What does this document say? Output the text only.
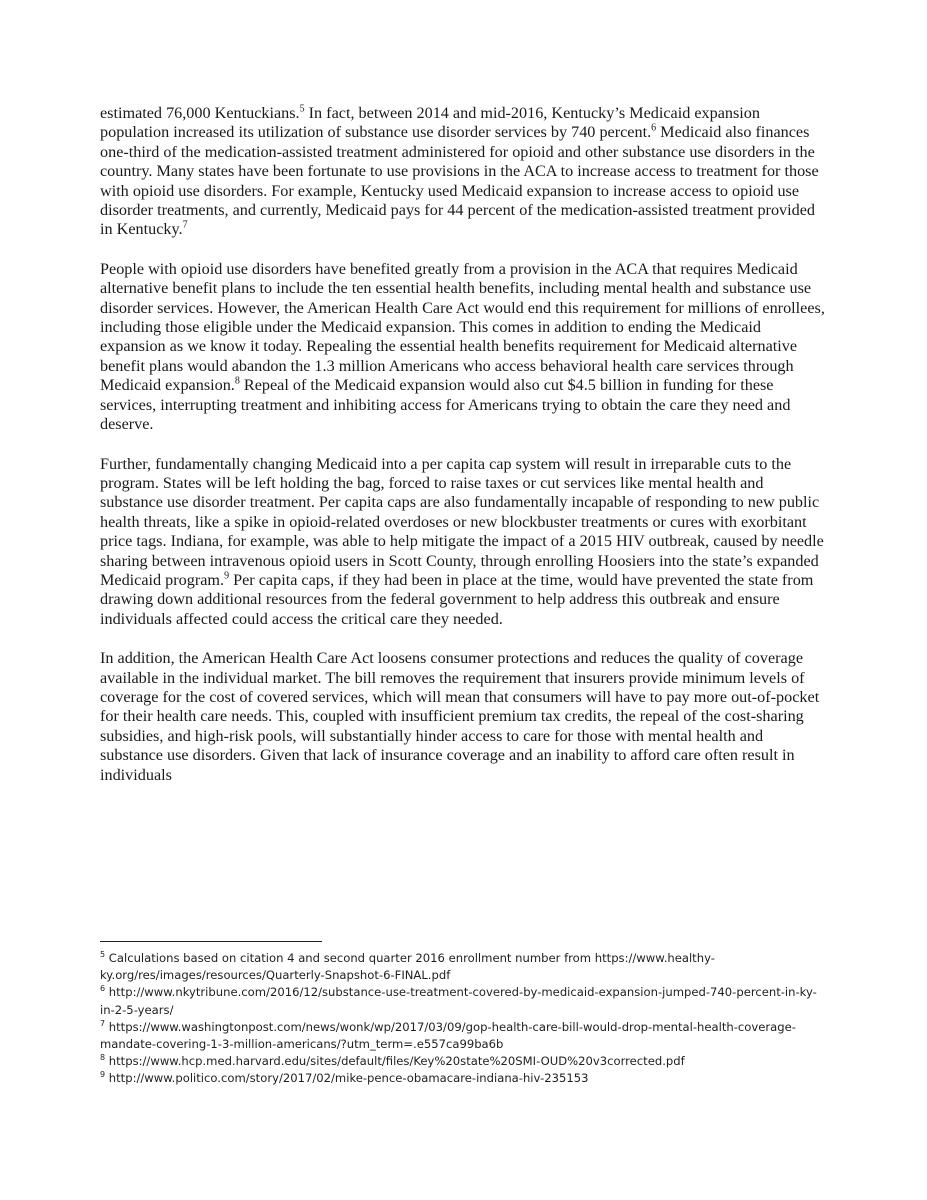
estimated 76,000 Kentuckians.$^5$ In fact, between 2014 and mid-2016, Kentucky’s Medicaid expansion population increased its utilization of substance use disorder services by 740 percent.$^6$ Medicaid also finances one-third of the medication-assisted treatment administered for opioid and other substance use disorders in the country. Many states have been fortunate to use provisions in the ACA to increase access to treatment for those with opioid use disorders. For example, Kentucky used Medicaid expansion to increase access to opioid use disorder treatments, and currently, Medicaid pays for 44 percent of the medication-assisted treatment provided in Kentucky.$^7$

People with opioid use disorders have benefited greatly from a provision in the ACA that requires Medicaid alternative benefit plans to include the ten essential health benefits, including mental health and substance use disorder services. However, the American Health Care Act would end this requirement for millions of enrollees, including those eligible under the Medicaid expansion. This comes in addition to ending the Medicaid expansion as we know it today. Repealing the essential health benefits requirement for Medicaid alternative benefit plans would abandon the 1.3 million Americans who access behavioral health care services through Medicaid expansion.$^8$ Repeal of the Medicaid expansion would also cut $4.5 billion in funding for these services, interrupting treatment and inhibiting access for Americans trying to obtain the care they need and deserve.

Further, fundamentally changing Medicaid into a per capita cap system will result in irreparable cuts to the program. States will be left holding the bag, forced to raise taxes or cut services like mental health and substance use disorder treatment. Per capita caps are also fundamentally incapable of responding to new public health threats, like a spike in opioid-related overdoses or new blockbuster treatments or cures with exorbitant price tags. Indiana, for example, was able to help mitigate the impact of a 2015 HIV outbreak, caused by needle sharing between intravenous opioid users in Scott County, through enrolling Hoosiers into the state’s expanded Medicaid program.$^9$ Per capita caps, if they had been in place at the time, would have prevented the state from drawing down additional resources from the federal government to help address this outbreak and ensure individuals affected could access the critical care they needed.

In addition, the American Health Care Act loosens consumer protections and reduces the quality of coverage available in the individual market. The bill removes the requirement that insurers provide minimum levels of coverage for the cost of covered services, which will mean that consumers will have to pay more out-of-pocket for their health care needs. This, coupled with insufficient premium tax credits, the repeal of the cost-sharing subsidies, and high-risk pools, will substantially hinder access to care for those with mental health and substance use disorders. Given that lack of insurance coverage and an inability to afford care often result in individuals

$^5$ Calculations based on citation 4 and second quarter 2016 enrollment number from https://www.healthy-ky.org/res/images/resources/Quarterly-Snapshot-6-FINAL.pdf

$^6$ http://www.nkytribune.com/2016/12/substance-use-treatment-covered-by-medicaid-expansion-jumped-740-percent-in-ky-in-2-5-years/

$^7$ https://www.washingtonpost.com/news/wonk/wp/2017/03/09/gop-health-care-bill-would-drop-mental-health-coverage-mandate-covering-1-3-million-americans/?utm_term=.e557ca99ba6b

$^8$ https://www.hcp.med.harvard.edu/sites/default/files/Key%20state%20SMI-OUD%20v3corrected.pdf

$^9$ http://www.politico.com/story/2017/02/mike-pence-obamacare-indiana-hiv-235153
